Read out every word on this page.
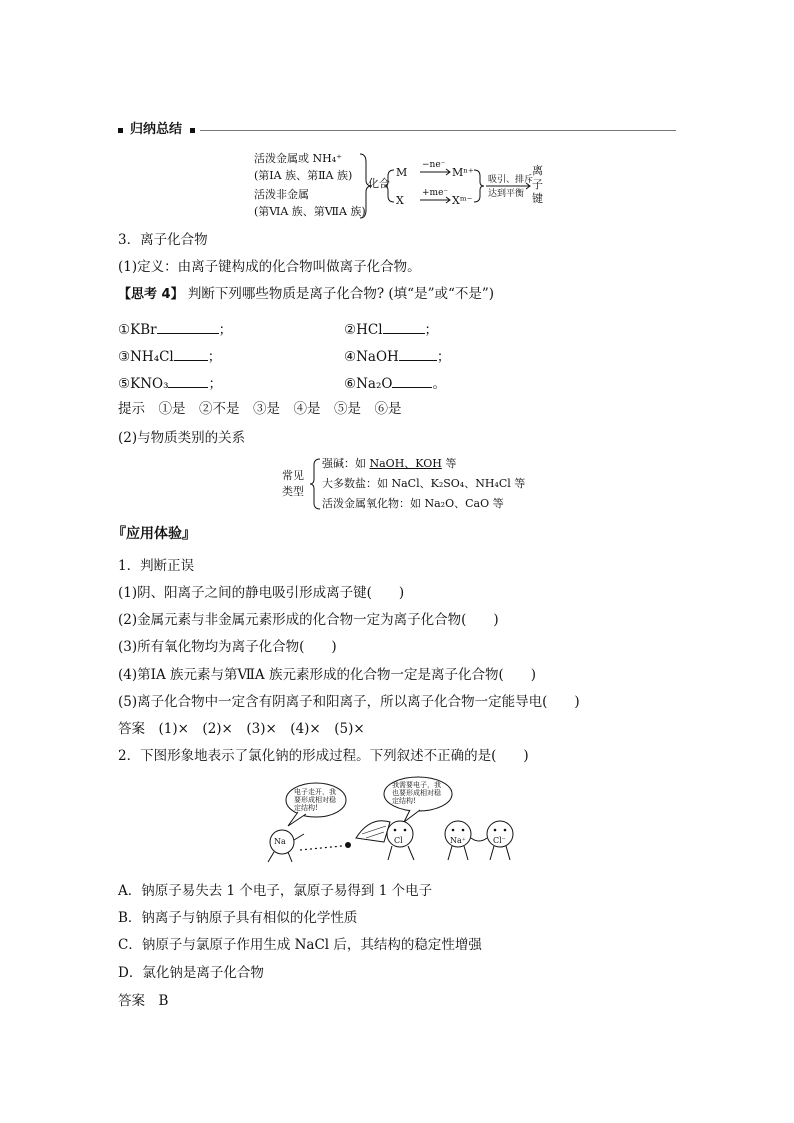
归纳总结
活泼金属或 NH₄⁺
(第ⅠA 族、第ⅡA 族)
活泼非金属
(第ⅥA 族、第ⅦA 族)
化合
M
−ne⁻
Mⁿ⁺
X
+me⁻
Xᵐ⁻
吸引、排斥
达到平衡
离
子
键
3．离子化合物
(1)定义：由离子键构成的化合物叫做离子化合物。
【思考 4】 判断下列哪些物质是离子化合物? (填“是”或“不是”)
①KBr	；	②HCl	；
③NH₄Cl	；	④NaOH	；
⑤KNO₃	；	⑥Na₂O	。
提示　①是　②不是　③是　④是　⑤是　⑥是
(2)与物质类别的关系
常见
类型
强碱：如 NaOH、KOH 等
大多数盐：如 NaCl、K₂SO₄、NH₄Cl 等
活泼金属氧化物：如 Na₂O、CaO 等
『应用体验』
1．判断正误
(1)阴、阳离子之间的静电吸引形成离子键(　　)
(2)金属元素与非金属元素形成的化合物一定为离子化合物(　　)
(3)所有氧化物均为离子化合物(　　)
(4)第ⅠA 族元素与第ⅦA 族元素形成的化合物一定是离子化合物(　　)
(5)离子化合物中一定含有阴离子和阳离子，所以离子化合物一定能导电(　　)
答案　(1)×　(2)×　(3)×　(4)×　(5)×
2．下图形象地表示了氯化钠的形成过程。下列叙述不正确的是(　　)
电子走开，我
要形成相对稳
定结构!
我需要电子，我
也要形成相对稳
定结构!
Na	Cl	Na⁺	Cl⁻
A．钠原子易失去 1 个电子，氯原子易得到 1 个电子
B．钠离子与钠原子具有相似的化学性质
C．钠原子与氯原子作用生成 NaCl 后，其结构的稳定性增强
D．氯化钠是离子化合物
答案　B
